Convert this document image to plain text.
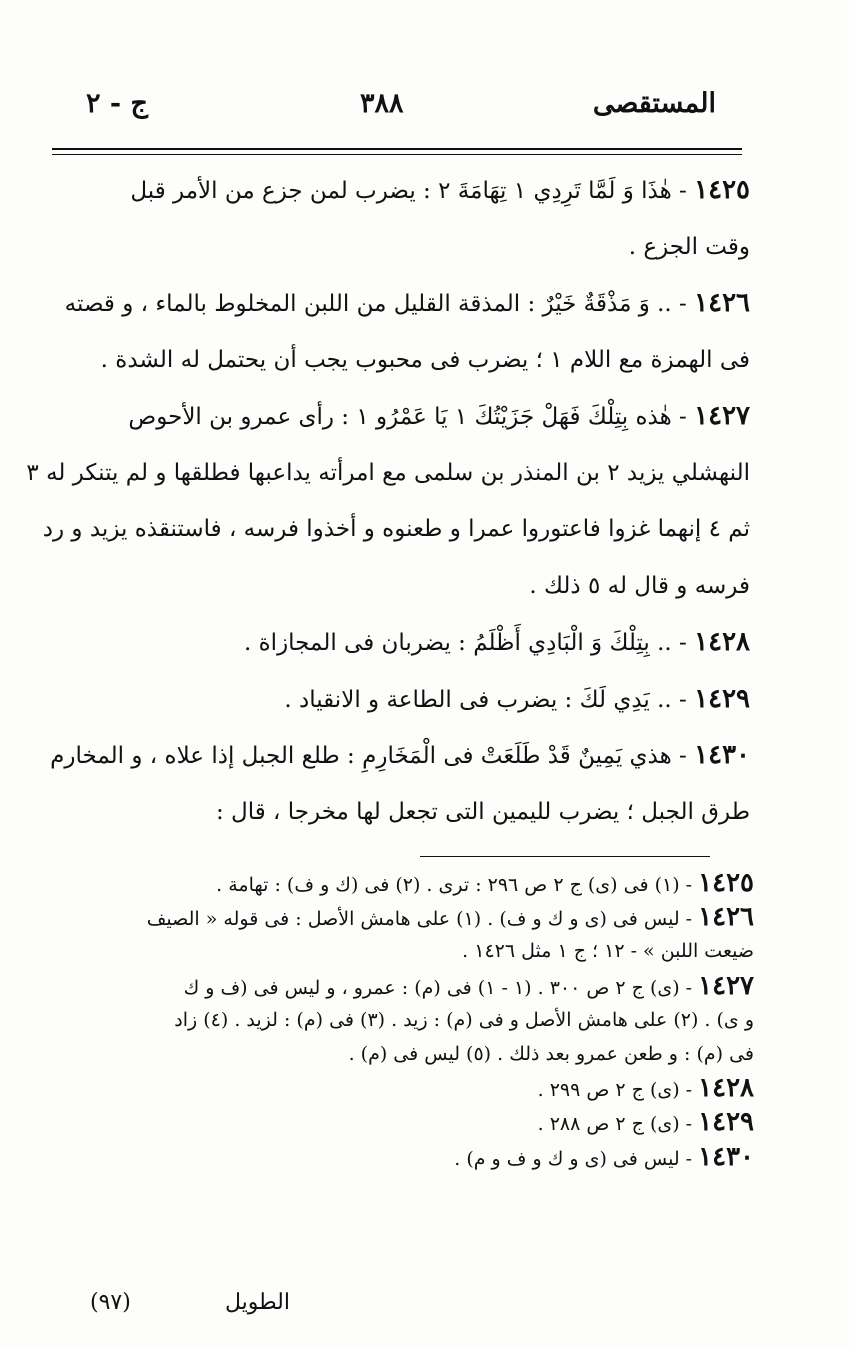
المستقصى
٣٨٨
ج - ٢
١٤٢٥ - هٰذَا وَ لَمَّا تَرِدِي ١ تِهَامَةَ ٢ : يضرب لمن جزع من الأمر قبل
وقت الجزع .
١٤٢٦ - .. وَ مَذْقَةٌ خَيْرٌ : المذقة القليل من اللبن المخلوط بالماء ، و قصته
فى الهمزة مع اللام ١ ؛ يضرب فى محبوب يجب أن يحتمل له الشدة .
١٤٢٧ - هٰذه بِتِلْكَ فَهَلْ جَزَيْتُكَ ١ يَا عَمْرُو ١ : رأى عمرو بن الأحوص
النهشلي يزيد ٢ بن المنذر بن سلمى مع امرأته يداعبها فطلقها و لم يتنكر له ٣
ثم ٤ إنهما غزوا فاعتوروا عمرا و طعنوه و أخذوا فرسه ، فاستنقذه يزيد و رد
فرسه و قال له ٥ ذلك .
١٤٢٨ - .. بِتِلْكَ وَ الْبَادِي أَظْلَمُ : يضربان فى المجازاة .
١٤٢٩ - .. يَدِي لَكَ : يضرب فى الطاعة و الانقياد .
١٤٣٠ - هذي يَمِينٌ قَدْ طَلَعَتْ فى الْمَخَارِمِ : طلع الجبل إذا علاه ، و المخارم
طرق الجبل ؛ يضرب لليمين التى تجعل لها مخرجا ، قال :
١٤٢٥ - (١) فى (ى) ج ٢ ص ٢٩٦ : ترى . (٢) فى (ك و ف) : تهامة .
١٤٢٦ - ليس فى (ى و ك و ف) . (١) على هامش الأصل : فى قوله « الصيف
ضيعت اللبن » - ١٢ ؛ ج ١ مثل ١٤٢٦ .
١٤٢٧ - (ى) ج ٢ ص ٣٠٠ . (١ - ١) فى (م) : عمرو ، و ليس فى (ف و ك
و ى) . (٢) على هامش الأصل و فى (م) : زيد . (٣) فى (م) : لزيد . (٤) زاد
فى (م) : و طعن عمرو بعد ذلك . (٥) ليس فى (م) .
١٤٢٨ - (ى) ج ٢ ص ٢٩٩ .
١٤٢٩ - (ى) ج ٢ ص ٢٨٨ .
١٤٣٠ - ليس فى (ى و ك و ف و م) .
الطويل
(٩٧)
